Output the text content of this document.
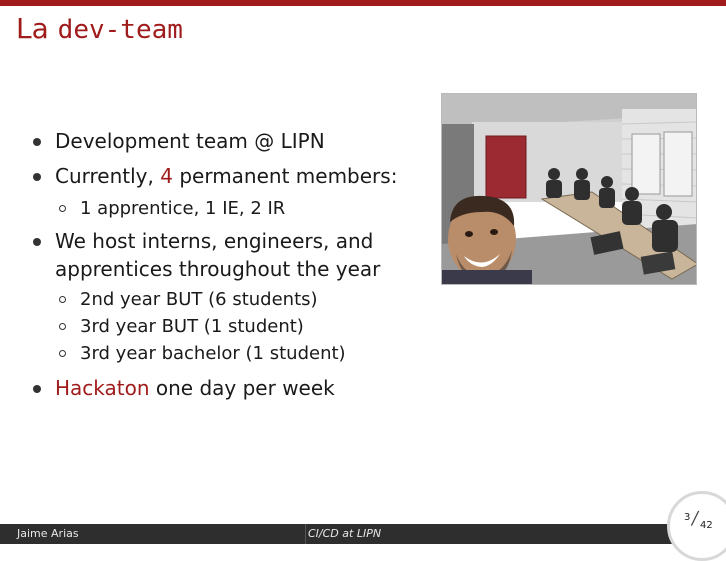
La dev-team
Development team @ LIPN
Currently, 4 permanent members:
1 apprentice, 1 IE, 2 IR
We host interns, engineers, and
apprentices throughout the year
2nd year BUT (6 students)
3rd year BUT (1 student)
3rd year bachelor (1 student)
Hackaton one day per week
Jaime Arias	CI/CD at LIPN
3 / 42
